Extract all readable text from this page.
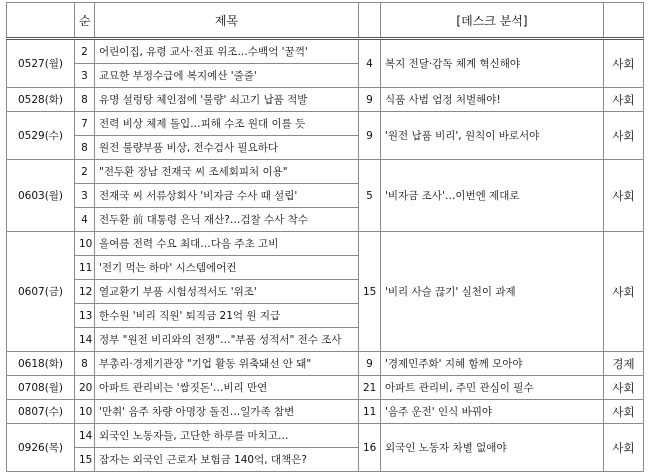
	순	제목		[데스크 분석]	
0527(월)	2	어린이집, 유령 교사·전표 위조…수백억 '꿀꺽'	4	복지 전달·감독 체계 혁신해야	사회
	3	교묘한 부정수급에 복지예산 '줄줄'			
0528(화)	8	유명 설렁탕 체인점에 '불량' 쇠고기 납품 적발	9	식품 사범 엄정 처벌해야!	사회
0529(수)	7	전력 비상 체제 돌입…피해 수조 원대 이를 듯	9	'원전 납품 비리', 원칙이 바로서야	사회
	8	원전 불량부품 비상, 전수검사 필요하다			
0603(월)	2	"전두환 장남 전재국 씨 조세회피처 이용"	5	'비자금 조사'…이번엔 제대로	사회
	3	전재국 씨 서류상회사 '비자금 수사 때 설립'			
	4	전두환 前 대통령 은닉 재산?…검찰 수사 착수			
0607(금)	10	올여름 전력 수요 최대…다음 주초 고비	15	'비리 사슬 끊기' 실천이 과제	사회
	11	'전기 먹는 하마' 시스템에어컨			
	12	열교환기 부품 시험성적서도 '위조'			
	13	한수원 '비리 직원' 퇴직금 21억 원 지급			
	14	정부 "원전 비리와의 전쟁"…"부품 성적서" 전수 조사			
0618(화)	8	부총리·경제기관장 "기업 활동 위축돼선 안 돼"	9	'경제민주화' 지혜 함께 모아야	경제
0708(월)	20	아파트 관리비는 '쌈짓돈'…비리 만연	21	아파트 관리비, 주민 관심이 필수	사회
0807(수)	10	'만취' 음주 차량 아명장 돌진…일가족 참변	11	'음주 운전' 인식 바꿔야	사회
0926(목)	14	외국인 노동자들, 고단한 하루를 마치고…	16	외국인 노동자 차별 없애야	사회
	15	잠자는 외국인 근로자 보험금 140억, 대책은?			
